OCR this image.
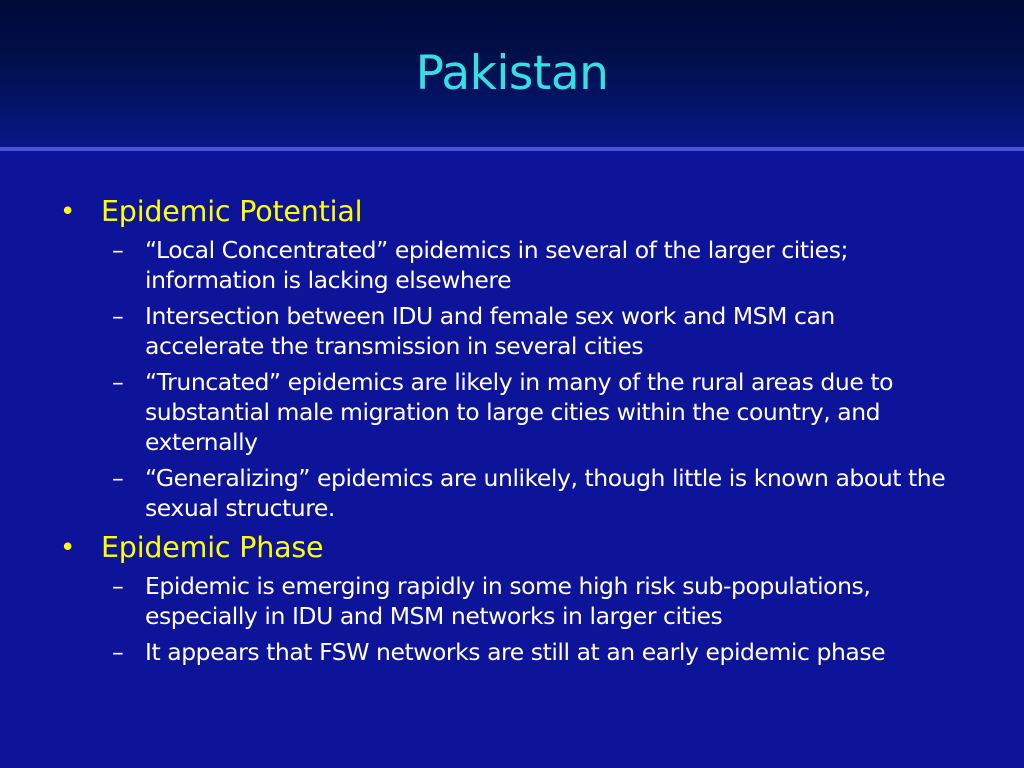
Pakistan
• Epidemic Potential
– “Local Concentrated” epidemics in several of the larger cities; information is lacking elsewhere
– Intersection between IDU and female sex work and MSM can accelerate the transmission in several cities
– “Truncated” epidemics are likely in many of the rural areas due to substantial male migration to large cities within the country, and externally
– “Generalizing” epidemics are unlikely, though little is known about the sexual structure.
• Epidemic Phase
– Epidemic is emerging rapidly in some high risk sub-populations, especially in IDU and MSM networks in larger cities
– It appears that FSW networks are still at an early epidemic phase
